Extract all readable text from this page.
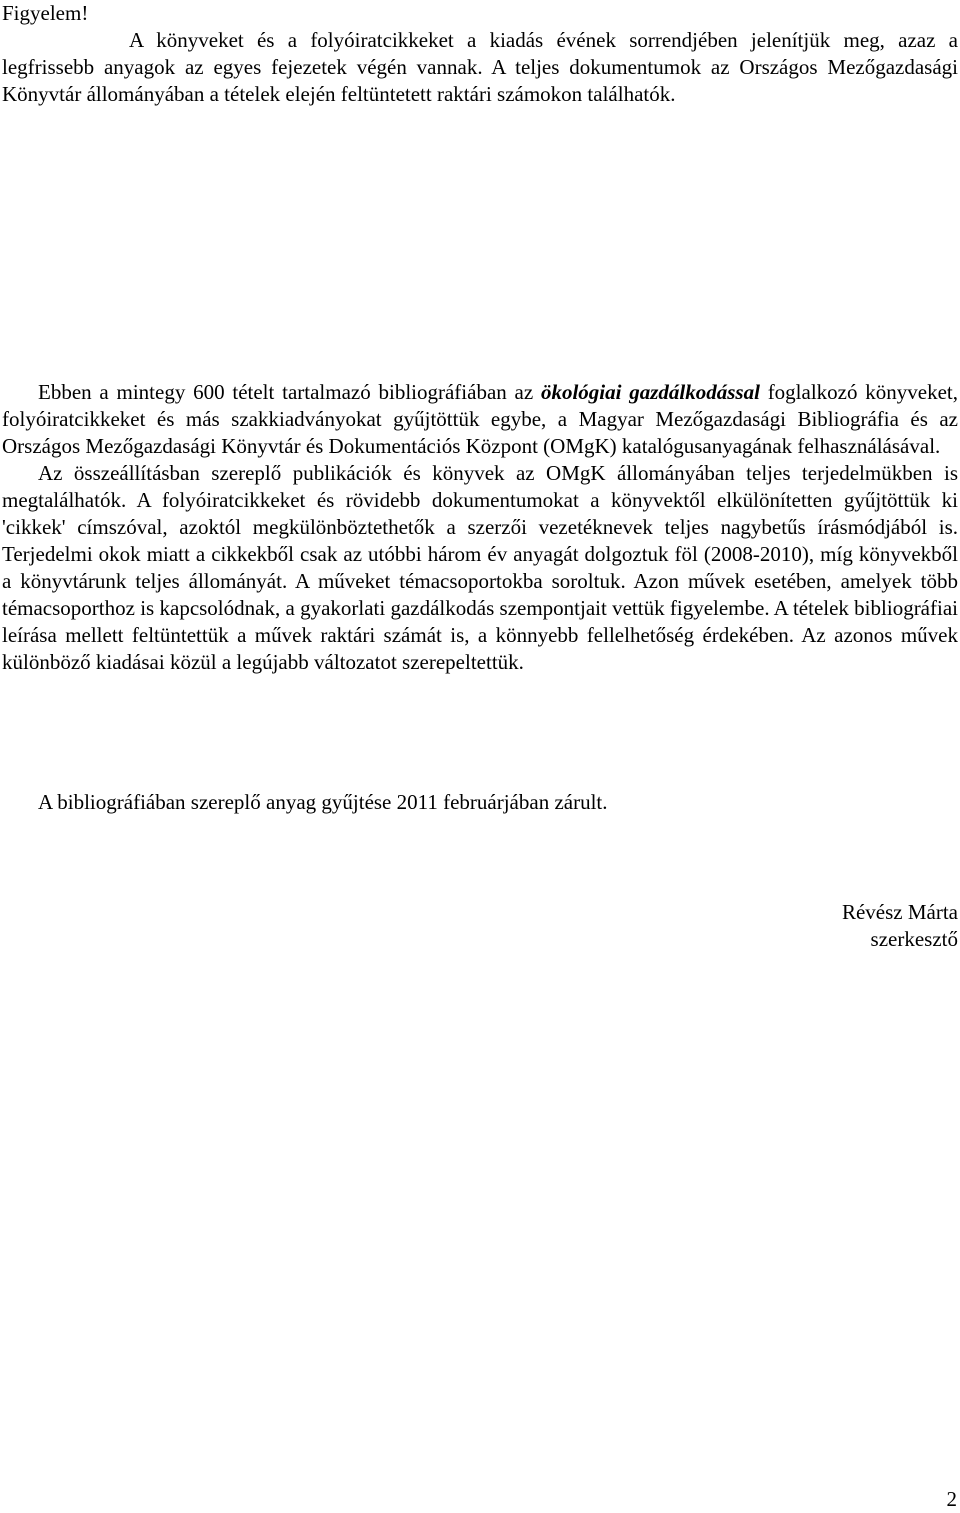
Figyelem!

A könyveket és a folyóiratcikkeket a kiadás évének sorrendjében jelenítjük meg, azaz a legfrissebb anyagok az egyes fejezetek végén vannak. A teljes dokumentumok az Országos Mezőgazdasági Könyvtár állományában a tételek elején feltüntetett raktári számokon találhatók.

Ebben a mintegy 600 tételt tartalmazó bibliográfiában az ökológiai gazdálkodással foglalkozó könyveket, folyóiratcikkeket és más szakkiadványokat gyűjtöttük egybe, a Magyar Mezőgazdasági Bibliográfia és az Országos Mezőgazdasági Könyvtár és Dokumentációs Központ (OMgK) katalógusanyagának felhasználásával.

Az összeállításban szereplő publikációk és könyvek az OMgK állományában teljes terjedelmükben is megtalálhatók. A folyóiratcikkeket és rövidebb dokumentumokat a könyvektől elkülönítetten gyűjtöttük ki 'cikkek' címszóval, azoktól megkülönböztethetők a szerzői vezetéknevek teljes nagybetűs írásmódjából is. Terjedelmi okok miatt a cikkekből csak az utóbbi három év anyagát dolgoztuk föl (2008-2010), míg könyvekből a könyvtárunk teljes állományát. A műveket témacsoportokba soroltuk. Azon művek esetében, amelyek több témacsoporthoz is kapcsolódnak, a gyakorlati gazdálkodás szempontjait vettük figyelembe. A tételek bibliográfiai leírása mellett feltüntettük a művek raktári számát is, a könnyebb fellelhetőség érdekében. Az azonos művek különböző kiadásai közül a legújabb változatot szerepeltettük.

A bibliográfiában szereplő anyag gyűjtése 2011 februárjában zárult.

Révész Márta
szerkesztő
2
